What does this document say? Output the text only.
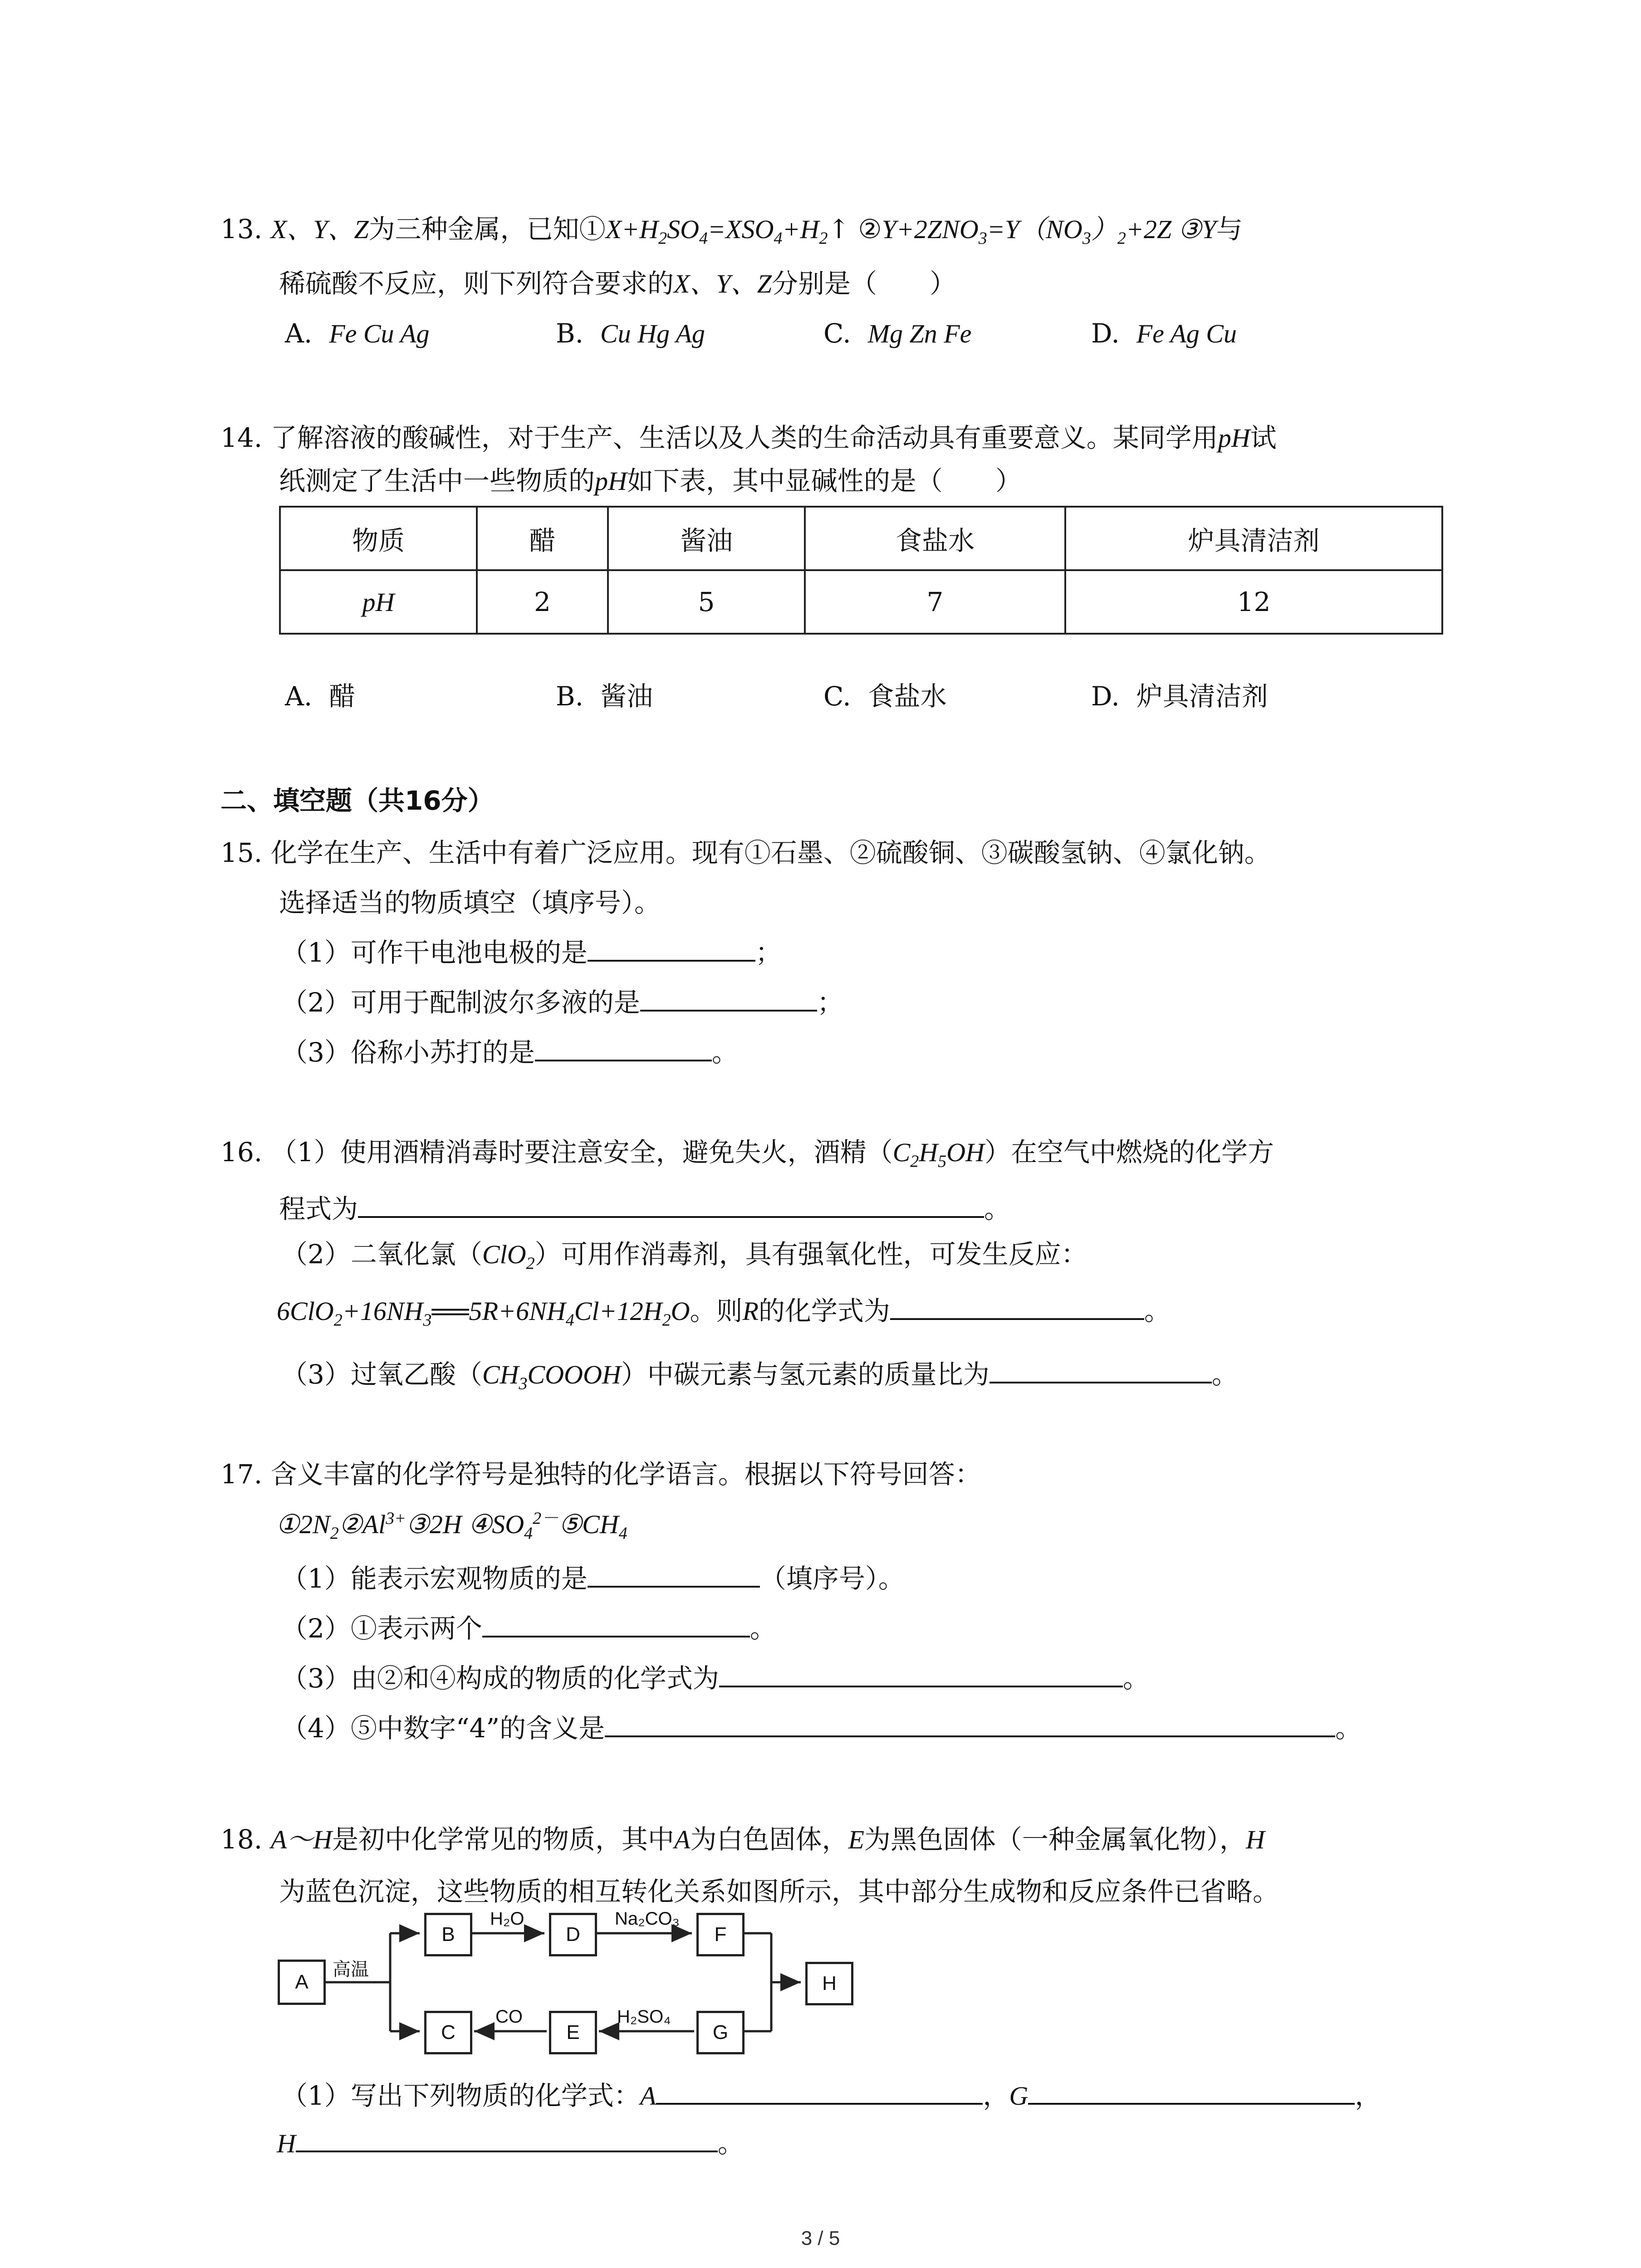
13. X、Y、Z为三种金属，已知$①X+H_2SO_4=XSO_4+H_2↑$ $②Y+2ZNO_3=Y(NO_3)_2+2Z$ ③Y与
稀硫酸不反应，则下列符合要求的X、Y、Z分别是（　　）
A. Fe Cu Ag	B. Cu Hg Ag	C. Mg Zn Fe	D. Fe Ag Cu
14. 了解溶液的酸碱性，对于生产、生活以及人类的生命活动具有重要意义。某同学用pH试
纸测定了生活中一些物质的pH如下表，其中显碱性的是（　　）
物质	醋	酱油	食盐水	炉具清洁剂
pH	2	5	7	12
A. 醋	B. 酱油	C. 食盐水	D. 炉具清洁剂
二、填空题（共16分）
15. 化学在生产、生活中有着广泛应用。现有①石墨、②硫酸铜、③碳酸氢钠、④氯化钠。
选择适当的物质填空（填序号）。
（1）可作干电池电极的是	；
（2）可用于配制波尔多液的是	；
（3）俗称小苏打的是	。
16. （1）使用酒精消毒时要注意安全，避免失火，酒精$(C_2H_5OH)$在空气中燃烧的化学方
程式为	。
（2）二氧化氯（ClO$_2$）可用作消毒剂，具有强氧化性，可发生反应：
$6ClO_2+16NH_3══5R+6NH_4Cl+12H_2O$。则R的化学式为	。
（3）过氧乙酸$(CH_3COOOH)$中碳元素与氢元素的质量比为	。
17. 含义丰富的化学符号是独特的化学语言。根据以下符号回答：
$①2N_2②Al^{3+}③2H$ $④SO_4^{2-}⑤CH_4$
（1）能表示宏观物质的是	（填序号）。
（2）①表示两个	。
（3）由②和④构成的物质的化学式为	。
（4）⑤中数字“4”的含义是	。
18. A～H是初中化学常见的物质，其中A为白色固体，E为黑色固体（一种金属氧化物），H
为蓝色沉淀，这些物质的相互转化关系如图所示，其中部分生成物和反应条件已省略。
A
B
C
D
E
F
G
H
高温
H₂O	Na₂CO₃
CO	H₂SO₄
（1）写出下列物质的化学式：A	，G	，
H	。
3 / 5
